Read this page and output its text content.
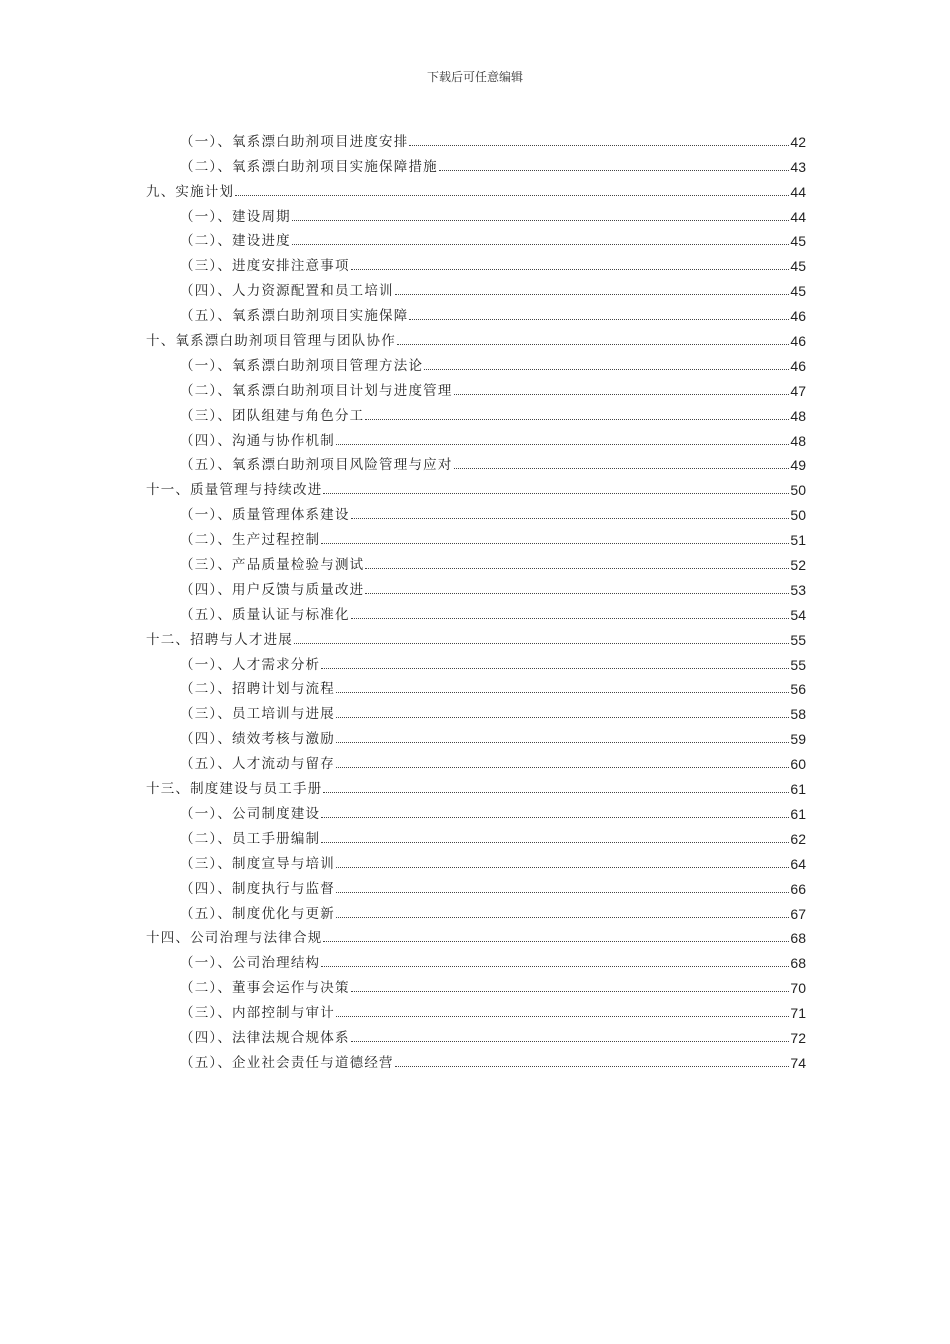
下载后可任意编辑
（一）、氧系漂白助剂项目进度安排	42
（二）、氧系漂白助剂项目实施保障措施	43
九、实施计划	44
（一）、建设周期	44
（二）、建设进度	45
（三）、进度安排注意事项	45
（四）、人力资源配置和员工培训	45
（五）、氧系漂白助剂项目实施保障	46
十、氧系漂白助剂项目管理与团队协作	46
（一）、氧系漂白助剂项目管理方法论	46
（二）、氧系漂白助剂项目计划与进度管理	47
（三）、团队组建与角色分工	48
（四）、沟通与协作机制	48
（五）、氧系漂白助剂项目风险管理与应对	49
十一、质量管理与持续改进	50
（一）、质量管理体系建设	50
（二）、生产过程控制	51
（三）、产品质量检验与测试	52
（四）、用户反馈与质量改进	53
（五）、质量认证与标准化	54
十二、招聘与人才进展	55
（一）、人才需求分析	55
（二）、招聘计划与流程	56
（三）、员工培训与进展	58
（四）、绩效考核与激励	59
（五）、人才流动与留存	60
十三、制度建设与员工手册	61
（一）、公司制度建设	61
（二）、员工手册编制	62
（三）、制度宣导与培训	64
（四）、制度执行与监督	66
（五）、制度优化与更新	67
十四、公司治理与法律合规	68
（一）、公司治理结构	68
（二）、董事会运作与决策	70
（三）、内部控制与审计	71
（四）、法律法规合规体系	72
（五）、企业社会责任与道德经营	74
